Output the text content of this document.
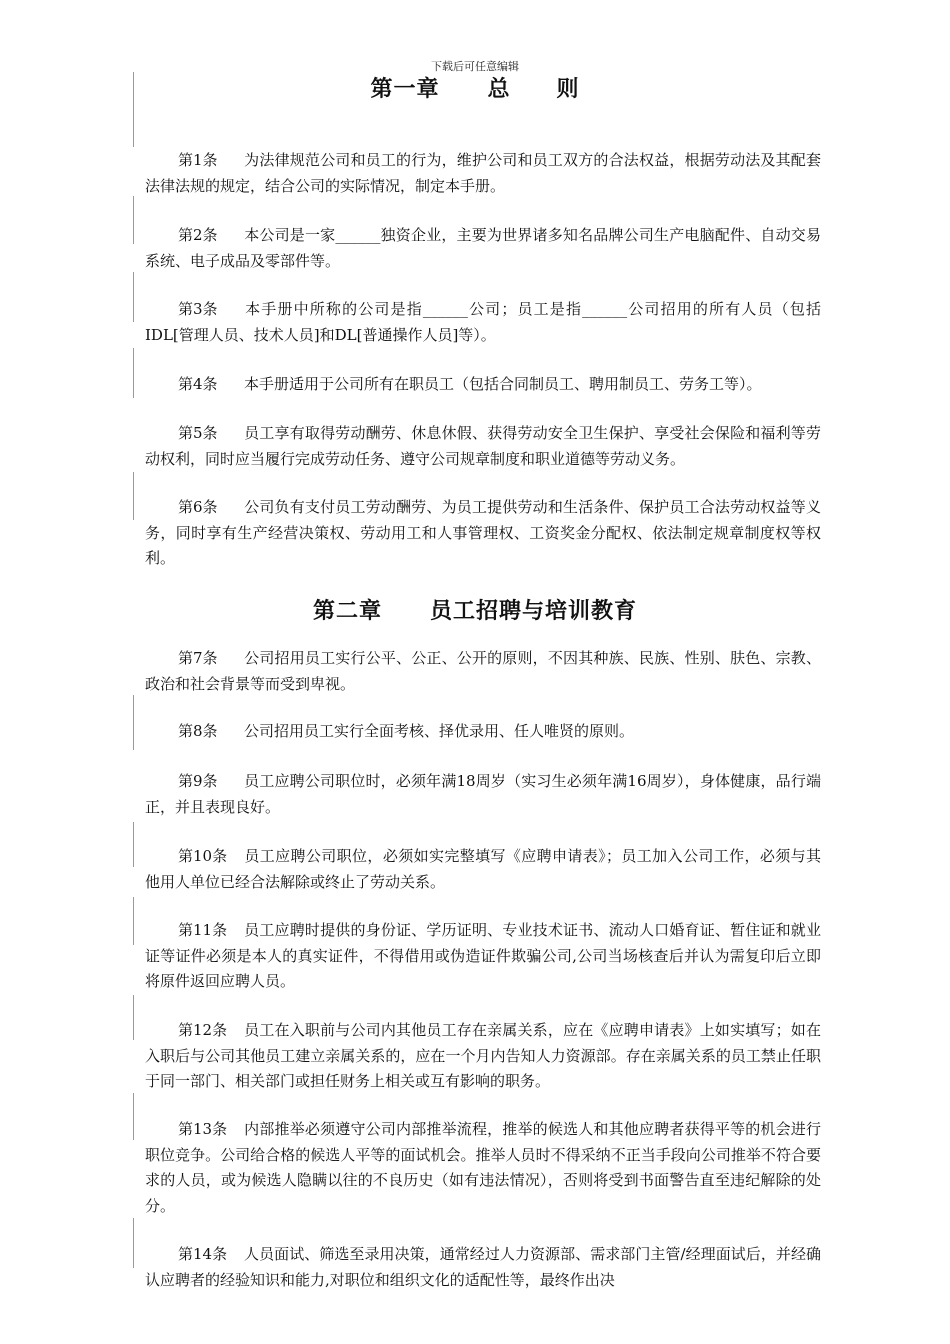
下载后可任意编辑
第一章 总　　则

第1条 为法律规范公司和员工的行为，维护公司和员工双方的合法权益，根据劳动法及其配套法律法规的规定，结合公司的实际情况，制定本手册。

第2条 本公司是一家______独资企业，主要为世界诸多知名品牌公司生产电脑配件、自动交易系统、电子成品及零部件等。

第3条 本手册中所称的公司是指______公司；员工是指______公司招用的所有人员（包括IDL[管理人员、技术人员]和DL[普通操作人员]等）。

第4条 本手册适用于公司所有在职员工（包括合同制员工、聘用制员工、劳务工等）。

第5条 员工享有取得劳动酬劳、休息休假、获得劳动安全卫生保护、享受社会保险和福利等劳动权利，同时应当履行完成劳动任务、遵守公司规章制度和职业道德等劳动义务。

第6条 公司负有支付员工劳动酬劳、为员工提供劳动和生活条件、保护员工合法劳动权益等义务，同时享有生产经营决策权、劳动用工和人事管理权、工资奖金分配权、依法制定规章制度权等权利。

第二章 员工招聘与培训教育

第7条 公司招用员工实行公平、公正、公开的原则，不因其种族、民族、性别、肤色、宗教、政治和社会背景等而受到卑视。

第8条 公司招用员工实行全面考核、择优录用、任人唯贤的原则。

第9条 员工应聘公司职位时，必须年满18周岁（实习生必须年满16周岁），身体健康，品行端正，并且表现良好。

第10条 员工应聘公司职位，必须如实完整填写《应聘申请表》；员工加入公司工作，必须与其他用人单位已经合法解除或终止了劳动关系。

第11条 员工应聘时提供的身份证、学历证明、专业技术证书、流动人口婚育证、暂住证和就业证等证件必须是本人的真实证件，不得借用或伪造证件欺骗公司,公司当场核查后并认为需复印后立即将原件返回应聘人员。

第12条 员工在入职前与公司内其他员工存在亲属关系，应在《应聘申请表》上如实填写；如在入职后与公司其他员工建立亲属关系的，应在一个月内告知人力资源部。存在亲属关系的员工禁止任职于同一部门、相关部门或担任财务上相关或互有影响的职务。

第13条 内部推举必须遵守公司内部推举流程，推举的候选人和其他应聘者获得平等的机会进行职位竞争。公司给合格的候选人平等的面试机会。推举人员时不得采纳不正当手段向公司推举不符合要求的人员，或为候选人隐瞒以往的不良历史（如有违法情况），否则将受到书面警告直至违纪解除的处分。

第14条 人员面试、筛选至录用决策，通常经过人力资源部、需求部门主管/经理面试后，并经确认应聘者的经验知识和能力,对职位和组织文化的适配性等，最终作出决
